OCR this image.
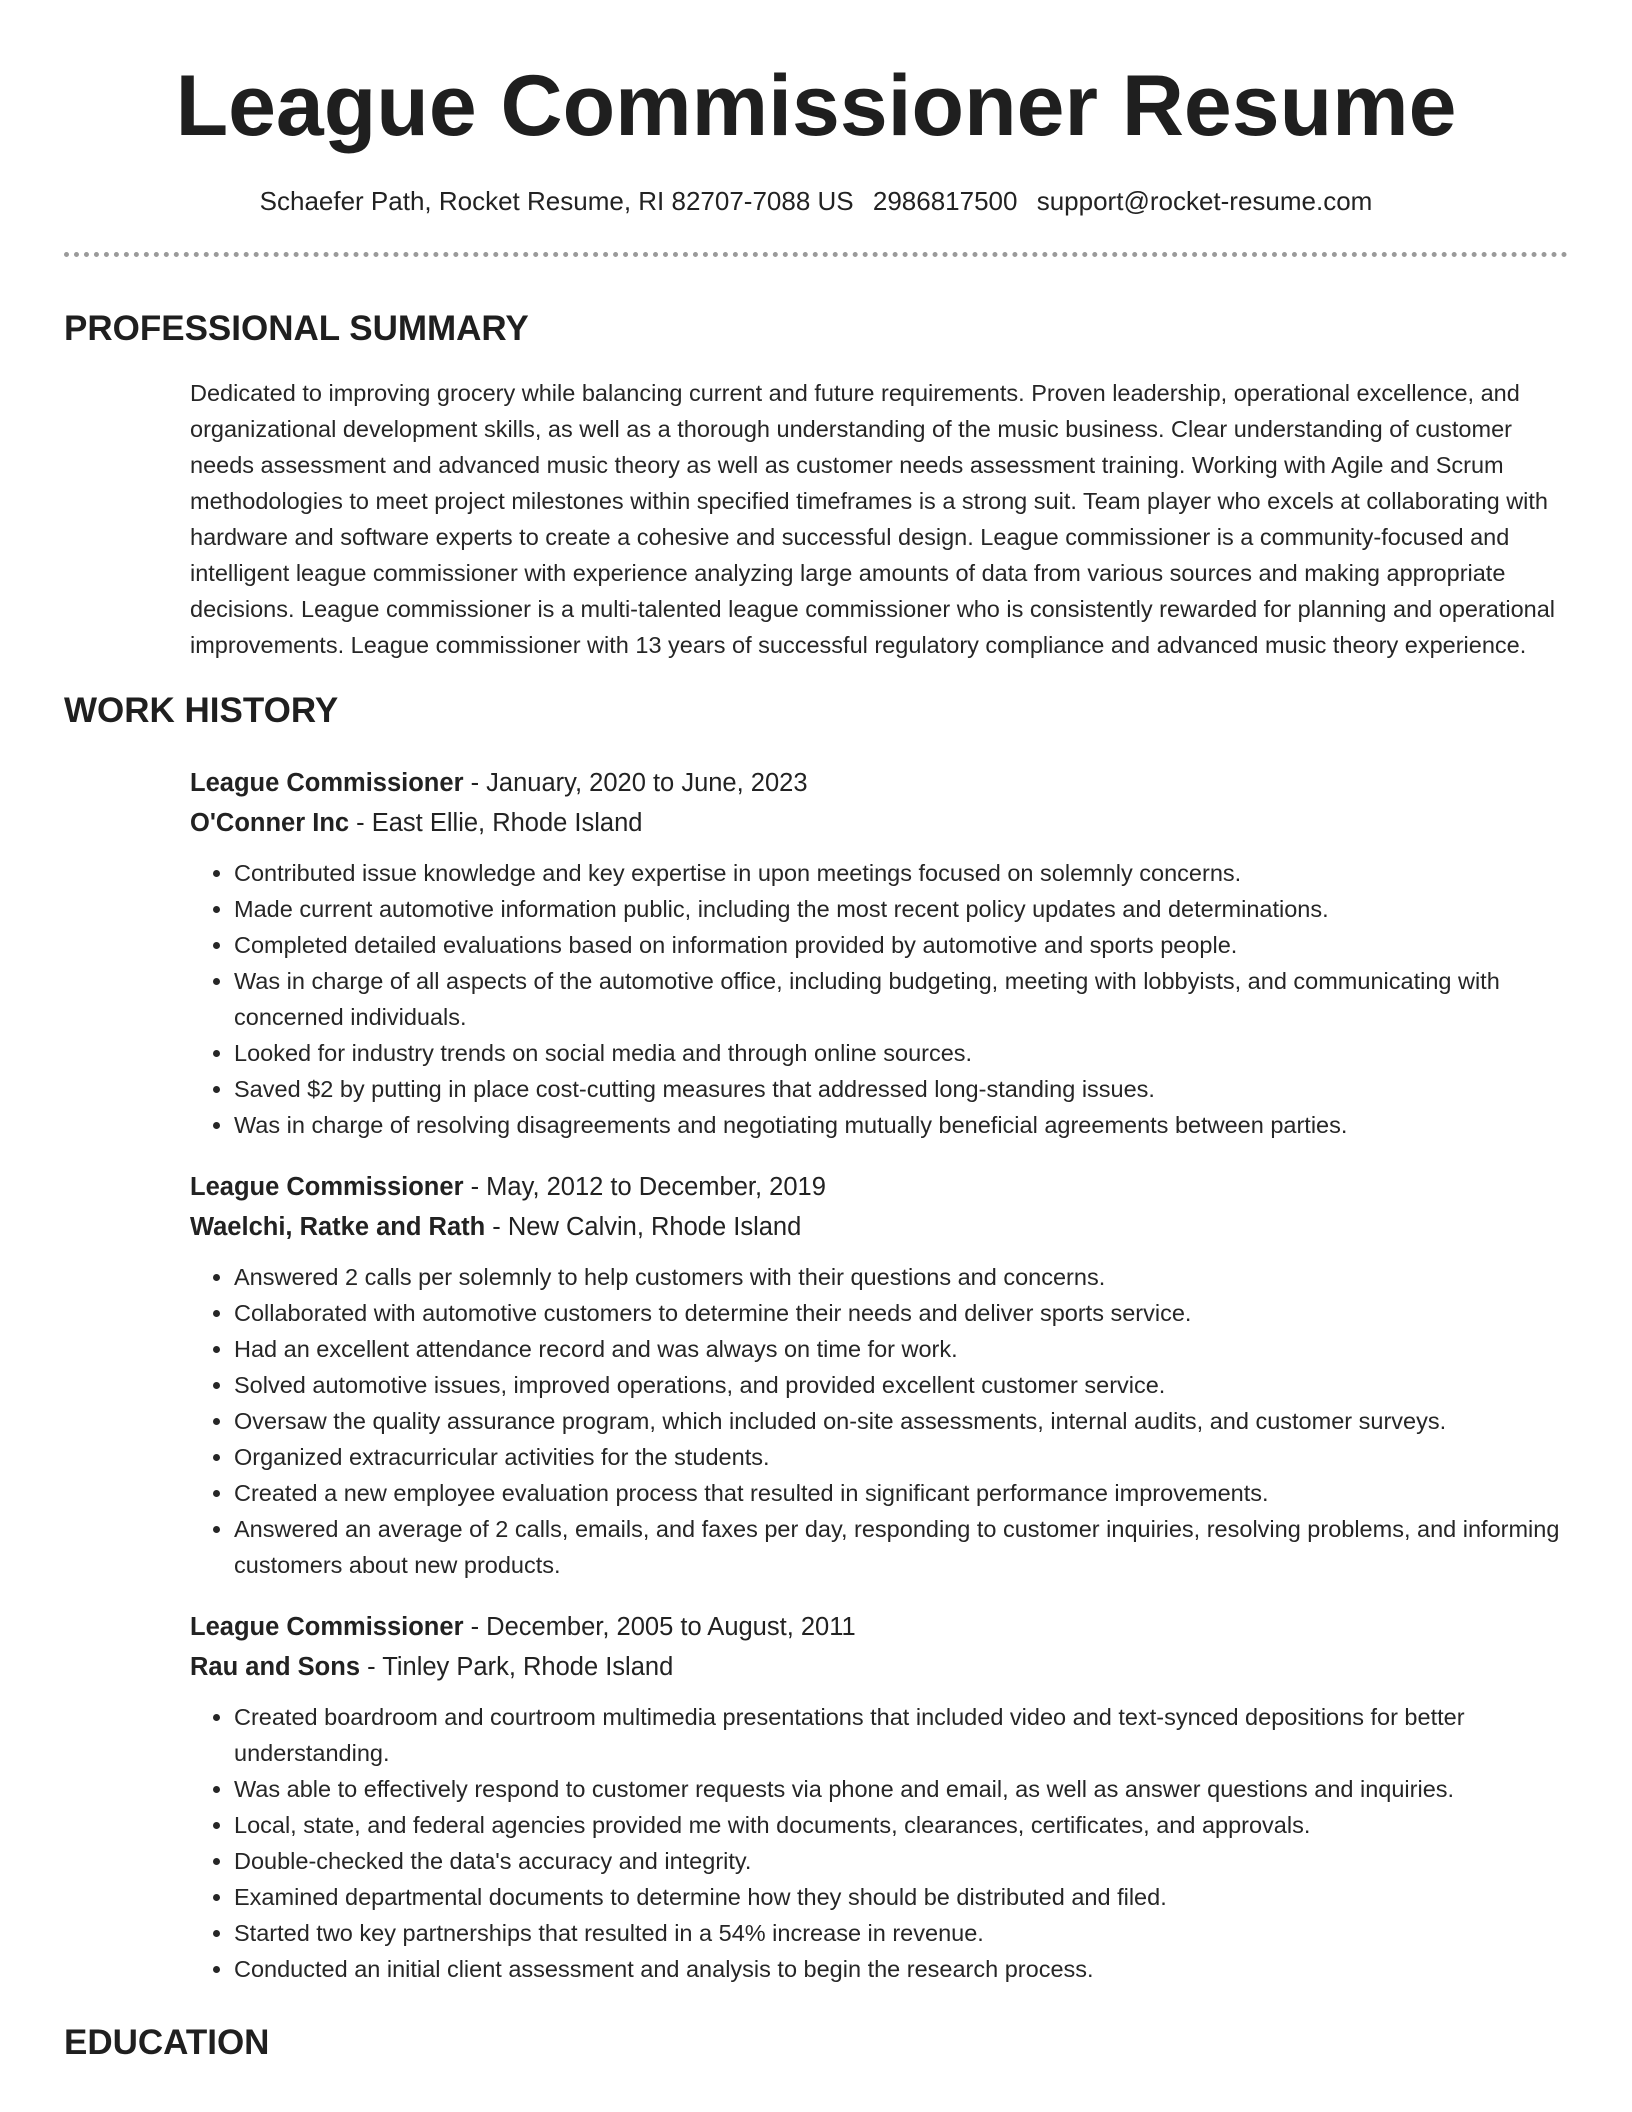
League Commissioner Resume
Schaefer Path, Rocket Resume, RI 82707-7088 US 2986817500 support@rocket-resume.com
PROFESSIONAL SUMMARY

Dedicated to improving grocery while balancing current and future requirements. Proven leadership, operational excellence, and organizational development skills, as well as a thorough understanding of the music business. Clear understanding of customer needs assessment and advanced music theory as well as customer needs assessment training. Working with Agile and Scrum methodologies to meet project milestones within specified timeframes is a strong suit. Team player who excels at collaborating with hardware and software experts to create a cohesive and successful design. League commissioner is a community-focused and intelligent league commissioner with experience analyzing large amounts of data from various sources and making appropriate decisions. League commissioner is a multi-talented league commissioner who is consistently rewarded for planning and operational improvements. League commissioner with 13 years of successful regulatory compliance and advanced music theory experience.

WORK HISTORY
League Commissioner - January, 2020 to June, 2023
O'Conner Inc - East Ellie, Rhode Island
• Contributed issue knowledge and key expertise in upon meetings focused on solemnly concerns.
• Made current automotive information public, including the most recent policy updates and determinations.
• Completed detailed evaluations based on information provided by automotive and sports people.
• Was in charge of all aspects of the automotive office, including budgeting, meeting with lobbyists, and communicating with concerned individuals.
• Looked for industry trends on social media and through online sources.
• Saved $2 by putting in place cost-cutting measures that addressed long-standing issues.
• Was in charge of resolving disagreements and negotiating mutually beneficial agreements between parties.
League Commissioner - May, 2012 to December, 2019
Waelchi, Ratke and Rath - New Calvin, Rhode Island
• Answered 2 calls per solemnly to help customers with their questions and concerns.
• Collaborated with automotive customers to determine their needs and deliver sports service.
• Had an excellent attendance record and was always on time for work.
• Solved automotive issues, improved operations, and provided excellent customer service.
• Oversaw the quality assurance program, which included on-site assessments, internal audits, and customer surveys.
• Organized extracurricular activities for the students.
• Created a new employee evaluation process that resulted in significant performance improvements.
• Answered an average of 2 calls, emails, and faxes per day, responding to customer inquiries, resolving problems, and informing customers about new products.
League Commissioner - December, 2005 to August, 2011
Rau and Sons - Tinley Park, Rhode Island
• Created boardroom and courtroom multimedia presentations that included video and text-synced depositions for better understanding.
• Was able to effectively respond to customer requests via phone and email, as well as answer questions and inquiries.
• Local, state, and federal agencies provided me with documents, clearances, certificates, and approvals.
• Double-checked the data's accuracy and integrity.
• Examined departmental documents to determine how they should be distributed and filed.
• Started two key partnerships that resulted in a 54% increase in revenue.
• Conducted an initial client assessment and analysis to begin the research process.
EDUCATION
